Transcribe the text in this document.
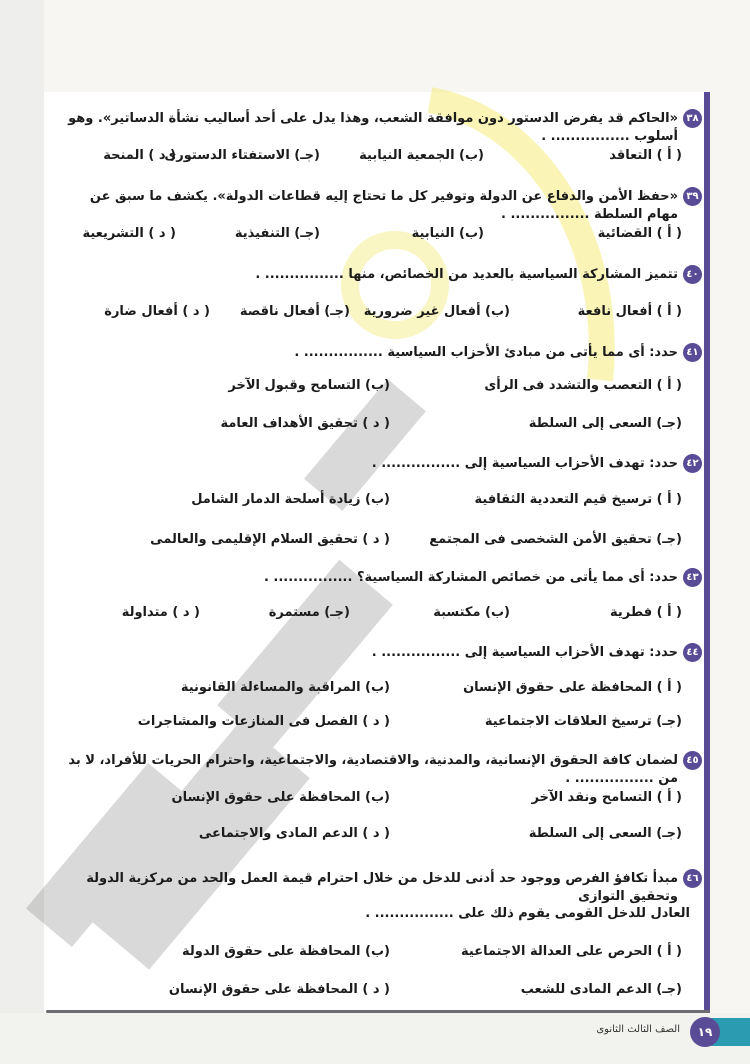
٣٨
«الحاكم قد يفرض الدستور دون موافقة الشعب، وهذا يدل على أحد أساليب نشأة الدساتير». وهو أسلوب ................ .
( أ ) التعاقد
(ب) الجمعية النيابية
(جـ) الاستفتاء الدستورى
( د ) المنحة
٣٩
«حفظ الأمن والدفاع عن الدولة وتوفير كل ما تحتاج إليه قطاعات الدولة». يكشف ما سبق عن مهام السلطة ................ .
( أ ) القضائية
(ب) النيابية
(جـ) التنفيذية
( د ) التشريعية
٤٠
تتميز المشاركة السياسية بالعديد من الخصائص، منها ................ .
( أ ) أفعال نافعة
(ب) أفعال غير ضرورية
(جـ) أفعال ناقصة
( د ) أفعال ضارة
٤١
حدد: أى مما يأتى من مبادئ الأحزاب السياسية ................ .
( أ ) التعصب والتشدد فى الرأى
(ب) التسامح وقبول الآخر
(جـ) السعى إلى السلطة
( د ) تحقيق الأهداف العامة
٤٢
حدد: تهدف الأحزاب السياسية إلى ................ .
( أ ) ترسيخ قيم التعددية الثقافية
(ب) زيادة أسلحة الدمار الشامل
(جـ) تحقيق الأمن الشخصى فى المجتمع
( د ) تحقيق السلام الإقليمى والعالمى
٤٣
حدد: أى مما يأتى من خصائص المشاركة السياسية؟ ................ .
( أ ) فطرية
(ب) مكتسبة
(جـ) مستمرة
( د ) متداولة
٤٤
حدد: تهدف الأحزاب السياسية إلى ................ .
( أ ) المحافظة على حقوق الإنسان
(ب) المراقبة والمساءلة القانونية
(جـ) ترسيخ العلاقات الاجتماعية
( د ) الفصل فى المنازعات والمشاجرات
٤٥
لضمان كافة الحقوق الإنسانية، والمدنية، والاقتصادية، والاجتماعية، واحترام الحريات للأفراد، لا بد من ................ .
( أ ) التسامح ونقد الآخر
(ب) المحافظة على حقوق الإنسان
(جـ) السعى إلى السلطة
( د ) الدعم المادى والاجتماعى
٤٦
مبدأ تكافؤ الفرص ووجود حد أدنى للدخل من خلال احترام قيمة العمل والحد من مركزية الدولة وتحقيق التوازى
العادل للدخل القومى يقوم ذلك على ................ .
( أ ) الحرص على العدالة الاجتماعية
(ب) المحافظة على حقوق الدولة
(جـ) الدعم المادى للشعب
( د ) المحافظة على حقوق الإنسان
١٩
الصف الثالث الثانوى
